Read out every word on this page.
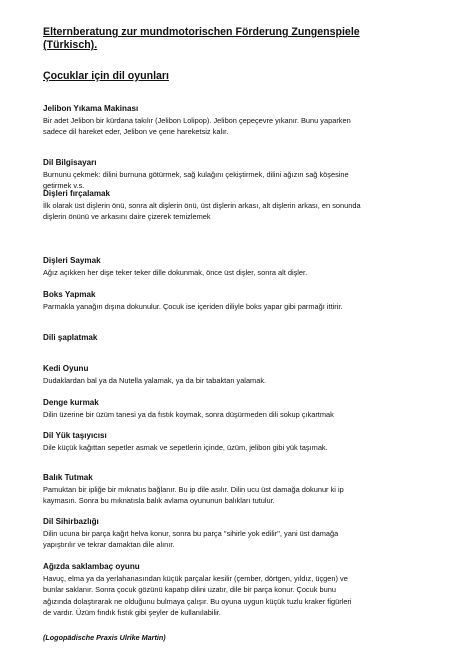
Elternberatung zur mundmotorischen Förderung Zungenspiele
(Türkisch).
Çocuklar için dil oyunları
Jelibon Yıkama Makinası
Bir adet Jelibon bir kürdana takılır (Jelibon Lolipop). Jelibon çepeçevre yıkanır. Bunu yaparken
sadece dil hareket eder, Jelibon ve çene hareketsiz kalır.
Dil Bilgisayarı
Burnunu çekmek: dilini burnuna götürmek, sağ kulağını çekiştirmek, dilini ağızın sağ köşesine
getirmek v.s.
Dişleri fırçalamak
İlk olarak üst dişlerin önü, sonra alt dişlerin önü, üst dişlerin arkası, alt dişlerin arkası, en sonunda
dişlerin önünü ve arkasını daire çizerek temizlemek
Dişleri Saymak
Ağız açıkken her dişe teker teker dille dokunmak, önce üst dişler, sonra alt dişler.
Boks Yapmak
Parmakla yanağın dışına dokunulur. Çocuk ise içeriden diliyle boks yapar gibi parmağı ittirir.
Dili şaplatmak
Kedi Oyunu
Dudaklardan bal ya da Nutella yalamak, ya da bir tabaktan yalamak.
Denge kurmak
Dilin üzerine bir üzüm tanesi ya da fıstık koymak, sonra düşürmeden dili sokup çıkartmak
Dil Yük taşıyıcısı
Dile küçük kağıttan sepetler asmak ve sepetlerin içinde, üzüm, jelibon gibi yük taşımak.
Balık Tutmak
Pamuktan bir ipliğe bir mıknatıs bağlanır. Bu ip dile asılır. Dilin ucu üst damağa dokunur ki ip
kaymasın. Sonra bu mıknatısla balık avlama oyununun balıkları tutulur.
Dil Sihirbazlığı
Dilin ucuna bir parça kağıt helva konur, sonra bu parça ''sihirle yok edilir'', yani üst damağa
yapıştırılır ve tekrar damaktan dile alınır.
Ağızda saklambaç oyunu
Havuç, elma ya da yerlahanasından küçük parçalar kesilir (çember, dörtgen, yıldız, üçgen) ve
bunlar saklanır. Sonra çocuk gözünü kapatıp dilini uzatır, dile bir parça konur. Çocuk bunu
ağızında dolaştırarak ne olduğunu bulmaya çalışır. Bu oyuna uygun küçük tuzlu kraker figürleri
de vardır. Üzüm fındık fıstık gibi şeyler de kullanılabilir.
(Logopädische Praxis Ulrike Martin)
